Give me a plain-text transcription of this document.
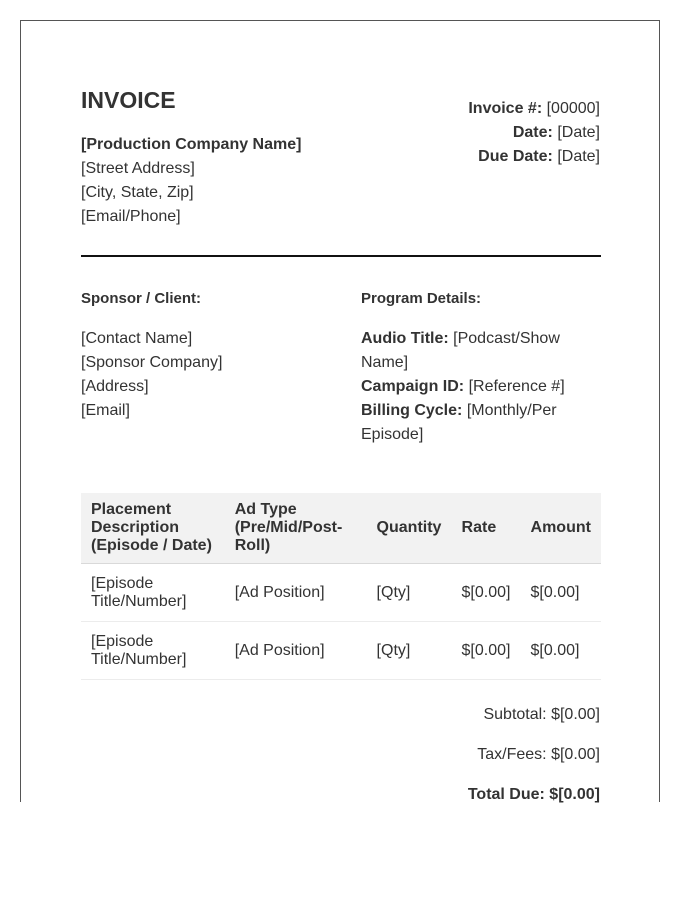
INVOICE
[Production Company Name]
[Street Address]
[City, State, Zip]
[Email/Phone]
Invoice #: [00000]
Date: [Date]
Due Date: [Date]
Sponsor / Client:
[Contact Name]
[Sponsor Company]
[Address]
[Email]
Program Details:
Audio Title: [Podcast/Show Name]
Campaign ID: [Reference #]
Billing Cycle: [Monthly/Per Episode]
Placement Description (Episode / Date)	Ad Type (Pre/Mid/Post-Roll)	Quantity	Rate	Amount
[Episode Title/Number]	[Ad Position]	[Qty]	$[0.00]	$[0.00]
[Episode Title/Number]	[Ad Position]	[Qty]	$[0.00]	$[0.00]
Subtotal: $[0.00]
Tax/Fees: $[0.00]
Total Due: $[0.00]
